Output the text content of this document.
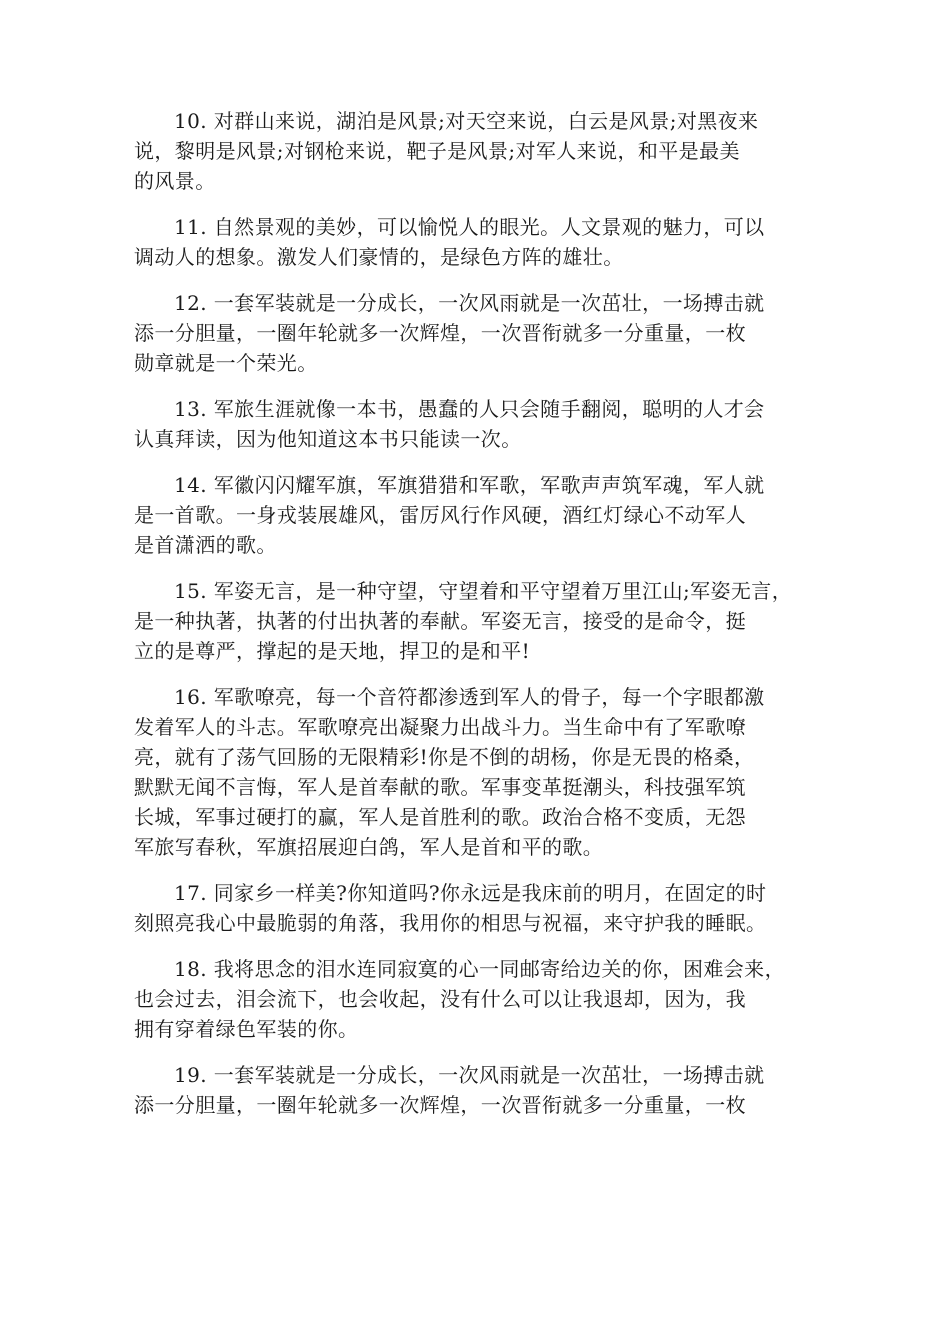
10. 对群山来说，湖泊是风景;对天空来说，白云是风景;对黑夜来
说，黎明是风景;对钢枪来说，靶子是风景;对军人来说，和平是最美
的风景。

11. 自然景观的美妙，可以愉悦人的眼光。人文景观的魅力，可以
调动人的想象。激发人们豪情的，是绿色方阵的雄壮。

12. 一套军装就是一分成长，一次风雨就是一次茁壮，一场搏击就
添一分胆量，一圈年轮就多一次辉煌，一次晋衔就多一分重量，一枚
勋章就是一个荣光。

13. 军旅生涯就像一本书，愚蠢的人只会随手翻阅，聪明的人才会
认真拜读，因为他知道这本书只能读一次。

14. 军徽闪闪耀军旗，军旗猎猎和军歌，军歌声声筑军魂，军人就
是一首歌。一身戎装展雄风，雷厉风行作风硬，酒红灯绿心不动军人
是首潇洒的歌。

15. 军姿无言，是一种守望，守望着和平守望着万里江山;军姿无言，
是一种执著，执著的付出执著的奉献。军姿无言，接受的是命令，挺
立的是尊严，撑起的是天地，捍卫的是和平!

16. 军歌嘹亮，每一个音符都渗透到军人的骨子，每一个字眼都激
发着军人的斗志。军歌嘹亮出凝聚力出战斗力。当生命中有了军歌嘹
亮，就有了荡气回肠的无限精彩!你是不倒的胡杨，你是无畏的格桑，
默默无闻不言悔，军人是首奉献的歌。军事变革挺潮头，科技强军筑
长城，军事过硬打的赢，军人是首胜利的歌。政治合格不变质，无怨
军旅写春秋，军旗招展迎白鸽，军人是首和平的歌。

17. 同家乡一样美?你知道吗?你永远是我床前的明月，在固定的时
刻照亮我心中最脆弱的角落，我用你的相思与祝福，来守护我的睡眠。

18. 我将思念的泪水连同寂寞的心一同邮寄给边关的你，困难会来，
也会过去，泪会流下，也会收起，没有什么可以让我退却，因为，我
拥有穿着绿色军装的你。

19. 一套军装就是一分成长，一次风雨就是一次茁壮，一场搏击就
添一分胆量，一圈年轮就多一次辉煌，一次晋衔就多一分重量，一枚
